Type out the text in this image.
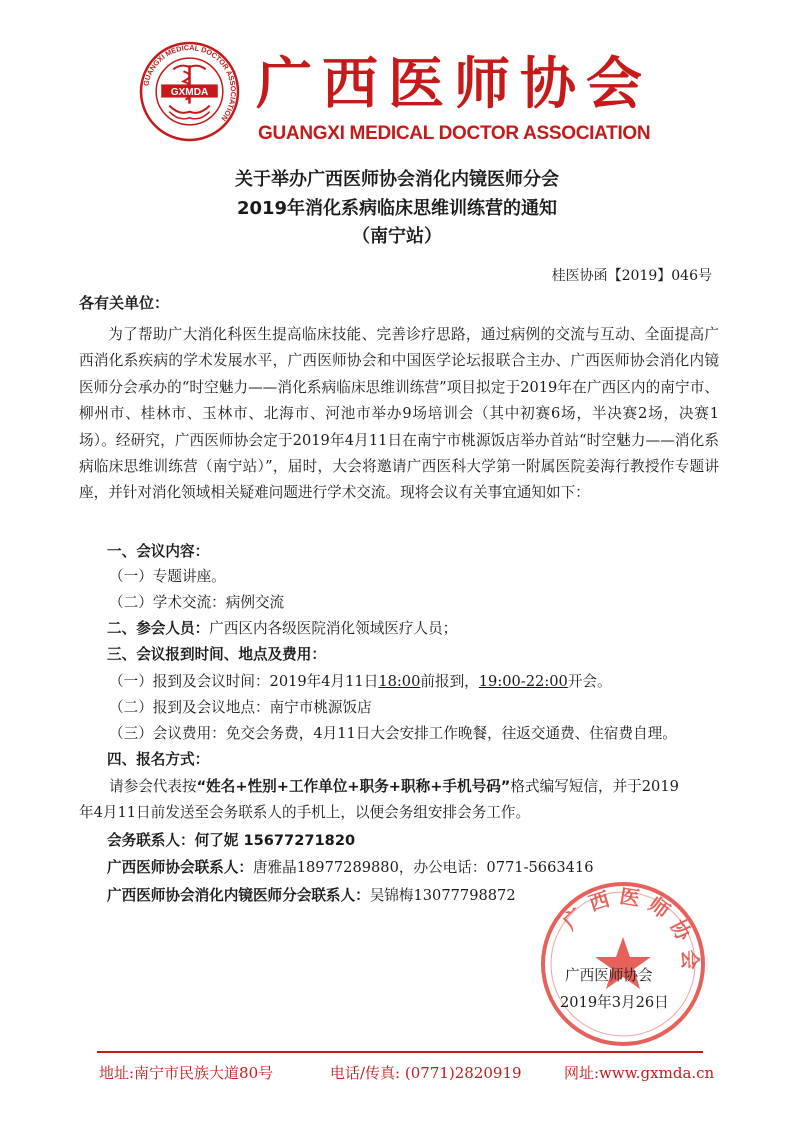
GUANGXI MEDICAL DOCTOR ASSOCIATION
GXMDA 广西医师协会
GUANGXI MEDICAL DOCTOR ASSOCIATION
关于举办广西医师协会消化内镜医师分会
2019年消化系病临床思维训练营的通知
（南宁站）
桂医协函【2019】046号
各有关单位：
为了帮助广大消化科医生提高临床技能、完善诊疗思路，通过病例的交流与互动、全面提高广西消化系疾病的学术发展水平，广西医师协会和中国医学论坛报联合主办、广西医师协会消化内镜医师分会承办的“时空魅力——消化系病临床思维训练营”项目拟定于2019年在广西区内的南宁市、柳州市、桂林市、玉林市、北海市、河池市举办9场培训会（其中初赛6场，半决赛2场，决赛1场）。经研究，广西医师协会定于2019年4月11日在南宁市桃源饭店举办首站“时空魅力——消化系病临床思维训练营（南宁站）”，届时，大会将邀请广西医科大学第一附属医院姜海行教授作专题讲座，并针对消化领域相关疑难问题进行学术交流。现将会议有关事宜通知如下：
一、会议内容：
（一）专题讲座。
（二）学术交流：病例交流
二、参会人员：广西区内各级医院消化领域医疗人员；
三、会议报到时间、地点及费用：
（一）报到及会议时间：2019年4月11日18:00前报到，19:00-22:00开会。
（二）报到及会议地点：南宁市桃源饭店
（三）会议费用：免交会务费，4月11日大会安排工作晚餐，往返交通费、住宿费自理。
四、报名方式：
请参会代表按“姓名+性别+工作单位+职务+职称+手机号码”格式编写短信，并于2019
年4月11日前发送至会务联系人的手机上，以便会务组安排会务工作。
会务联系人：何了妮 15677271820
广西医师协会联系人：唐雅晶18977289880，办公电话：0771-5663416
广西医师协会消化内镜医师分会联系人：吴锦梅13077798872
广西医师协会
广西医师协会
2019年3月26日
地址:南宁市民族大道80号	电话/传真: (0771)2820919	网址:www.gxmda.cn
